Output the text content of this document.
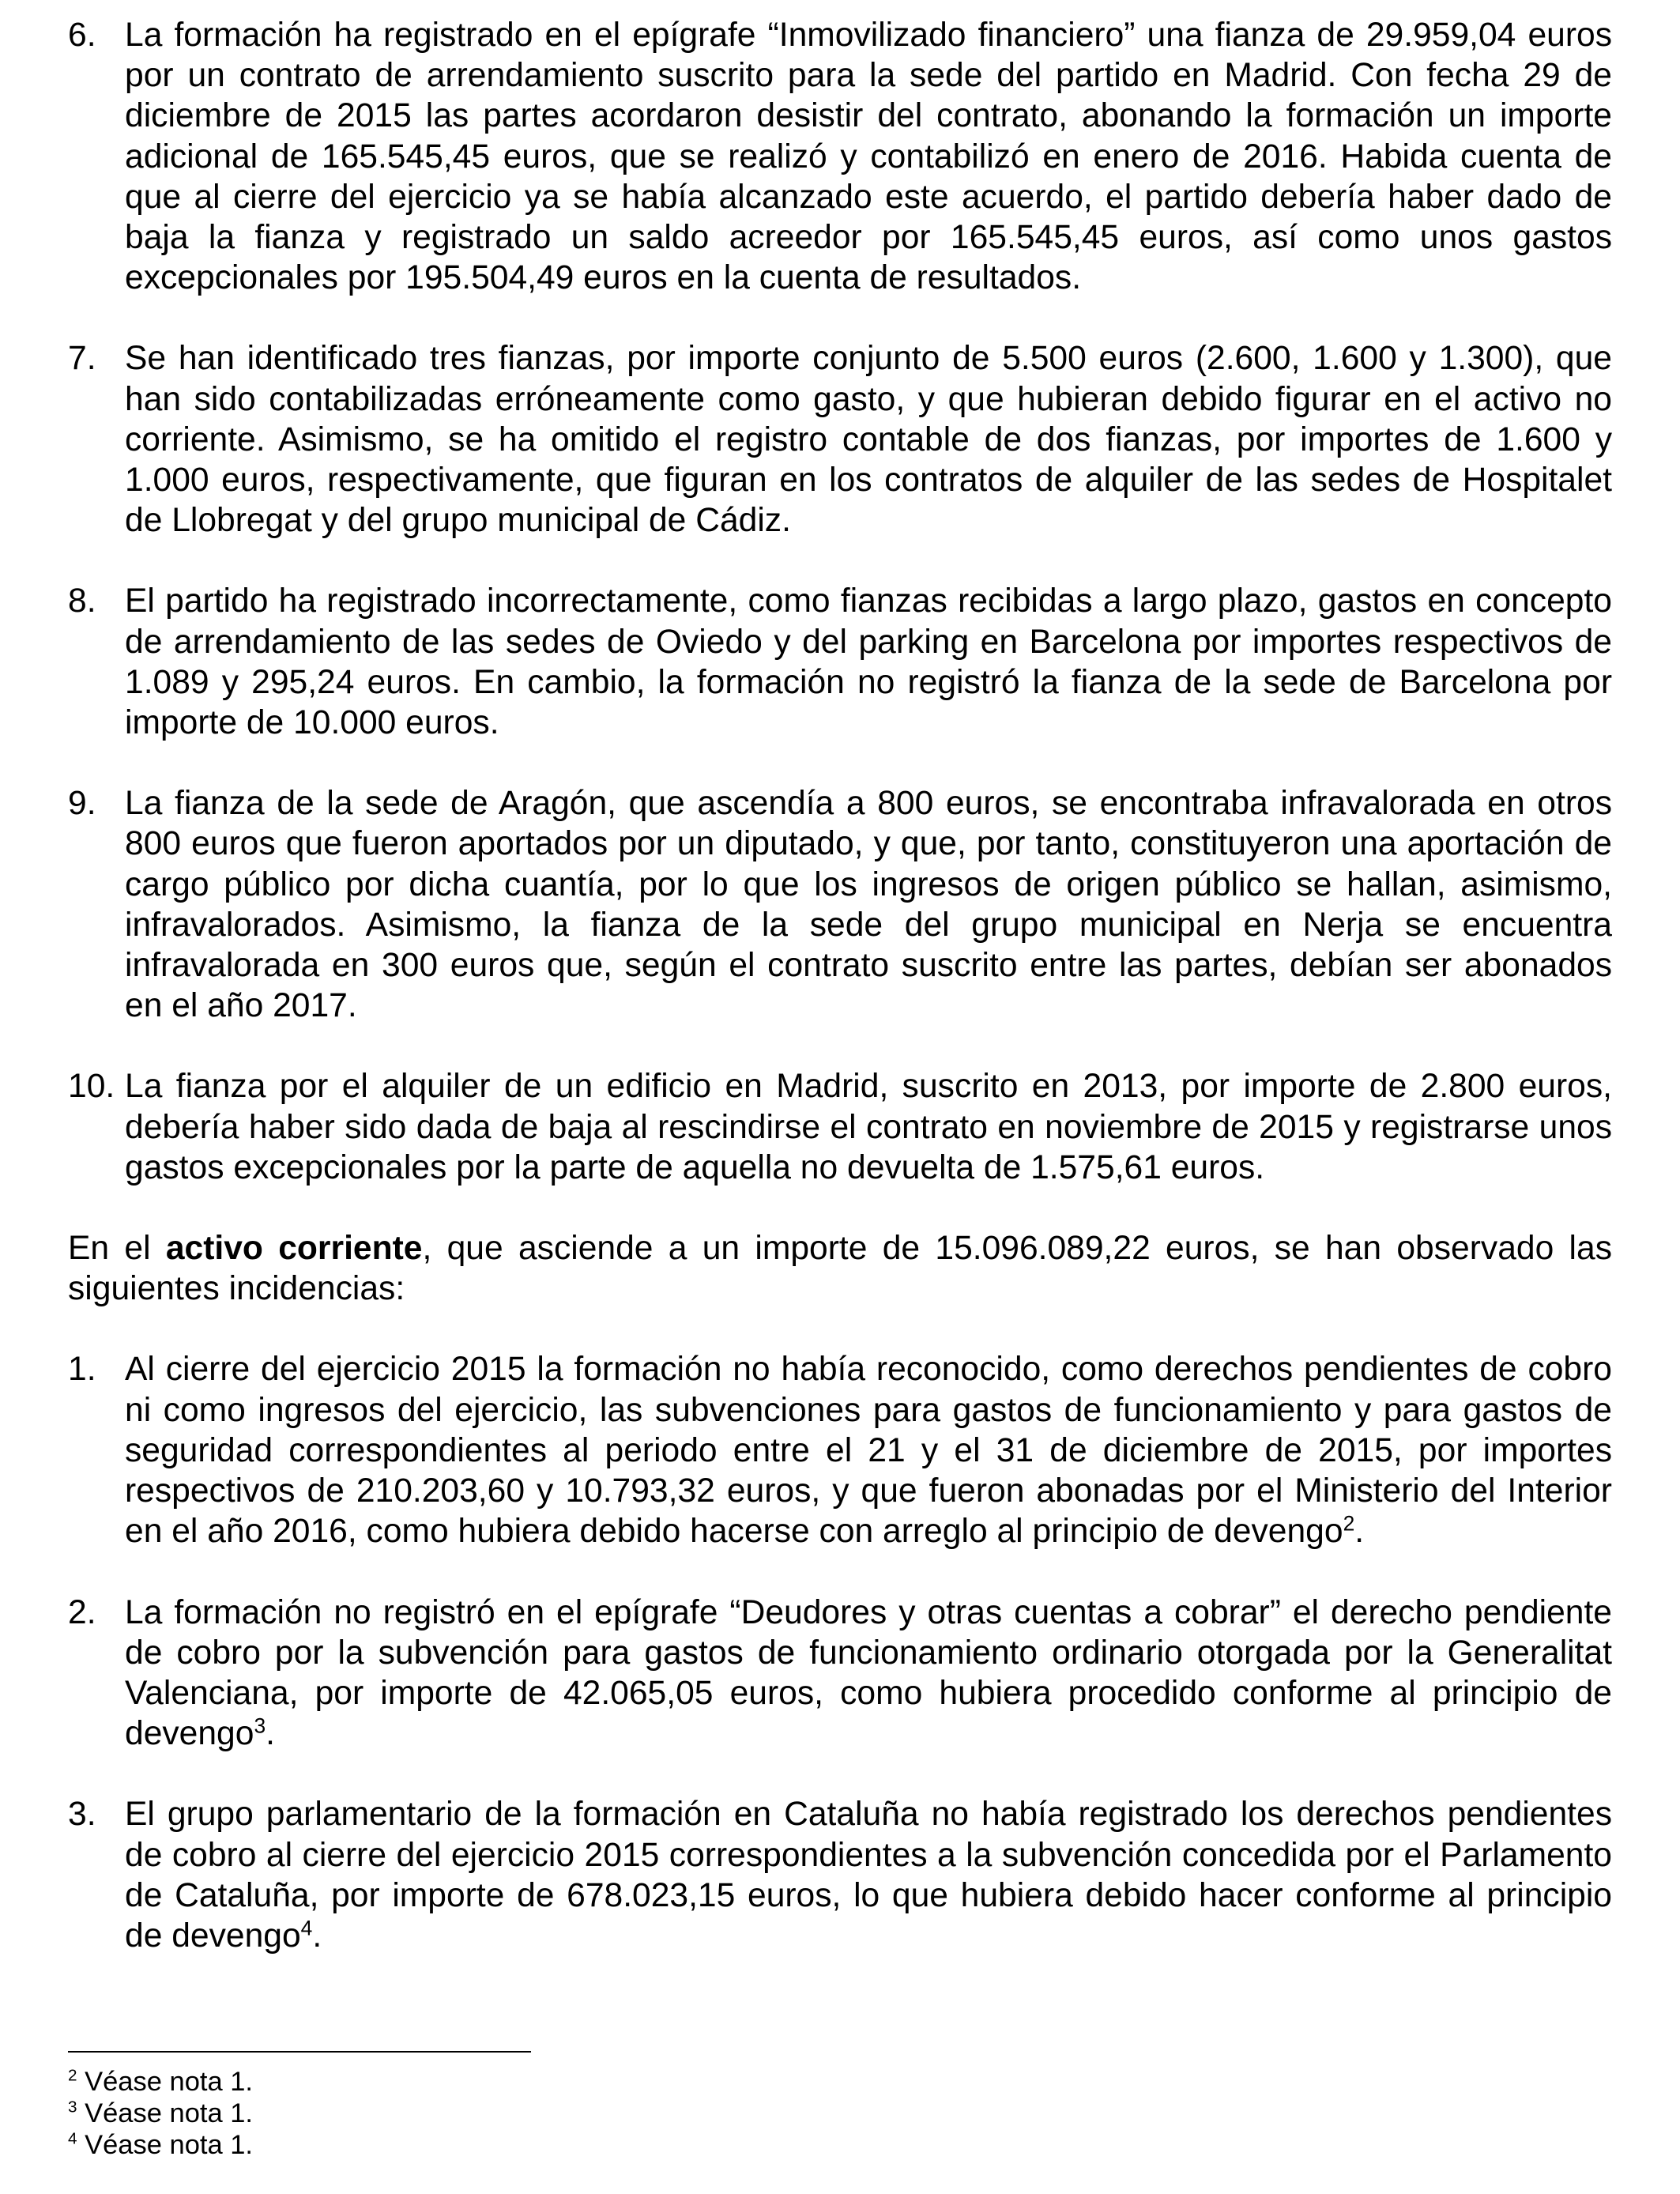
6. La formación ha registrado en el epígrafe “Inmovilizado financiero” una fianza de 29.959,04 euros por un contrato de arrendamiento suscrito para la sede del partido en Madrid. Con fecha 29 de diciembre de 2015 las partes acordaron desistir del contrato, abonando la formación un importe adicional de 165.545,45 euros, que se realizó y contabilizó en enero de 2016. Habida cuenta de que al cierre del ejercicio ya se había alcanzado este acuerdo, el partido debería haber dado de baja la fianza y registrado un saldo acreedor por 165.545,45 euros, así como unos gastos excepcionales por 195.504,49 euros en la cuenta de resultados.
7. Se han identificado tres fianzas, por importe conjunto de 5.500 euros (2.600, 1.600 y 1.300), que han sido contabilizadas erróneamente como gasto, y que hubieran debido figurar en el activo no corriente. Asimismo, se ha omitido el registro contable de dos fianzas, por importes de 1.600 y 1.000 euros, respectivamente, que figuran en los contratos de alquiler de las sedes de Hospitalet de Llobregat y del grupo municipal de Cádiz.
8. El partido ha registrado incorrectamente, como fianzas recibidas a largo plazo, gastos en concepto de arrendamiento de las sedes de Oviedo y del parking en Barcelona por importes respectivos de 1.089 y 295,24 euros. En cambio, la formación no registró la fianza de la sede de Barcelona por importe de 10.000 euros.
9. La fianza de la sede de Aragón, que ascendía a 800 euros, se encontraba infravalorada en otros 800 euros que fueron aportados por un diputado, y que, por tanto, constituyeron una aportación de cargo público por dicha cuantía, por lo que los ingresos de origen público se hallan, asimismo, infravalorados. Asimismo, la fianza de la sede del grupo municipal en Nerja se encuentra infravalorada en 300 euros que, según el contrato suscrito entre las partes, debían ser abonados en el año 2017.
10. La fianza por el alquiler de un edificio en Madrid, suscrito en 2013, por importe de 2.800 euros, debería haber sido dada de baja al rescindirse el contrato en noviembre de 2015 y registrarse unos gastos excepcionales por la parte de aquella no devuelta de 1.575,61 euros.

En el activo corriente, que asciende a un importe de 15.096.089,22 euros, se han observado las siguientes incidencias:

1. Al cierre del ejercicio 2015 la formación no había reconocido, como derechos pendientes de cobro ni como ingresos del ejercicio, las subvenciones para gastos de funcionamiento y para gastos de seguridad correspondientes al periodo entre el 21 y el 31 de diciembre de 2015, por importes respectivos de 210.203,60 y 10.793,32 euros, y que fueron abonadas por el Ministerio del Interior en el año 2016, como hubiera debido hacerse con arreglo al principio de devengo$^2$.
2. La formación no registró en el epígrafe “Deudores y otras cuentas a cobrar” el derecho pendiente de cobro por la subvención para gastos de funcionamiento ordinario otorgada por la Generalitat Valenciana, por importe de 42.065,05 euros, como hubiera procedido conforme al principio de devengo$^3$.
3. El grupo parlamentario de la formación en Cataluña no había registrado los derechos pendientes de cobro al cierre del ejercicio 2015 correspondientes a la subvención concedida por el Parlamento de Cataluña, por importe de 678.023,15 euros, lo que hubiera debido hacer conforme al principio de devengo$^4$.
$^2$ Véase nota 1.
$^3$ Véase nota 1.
$^4$ Véase nota 1.
